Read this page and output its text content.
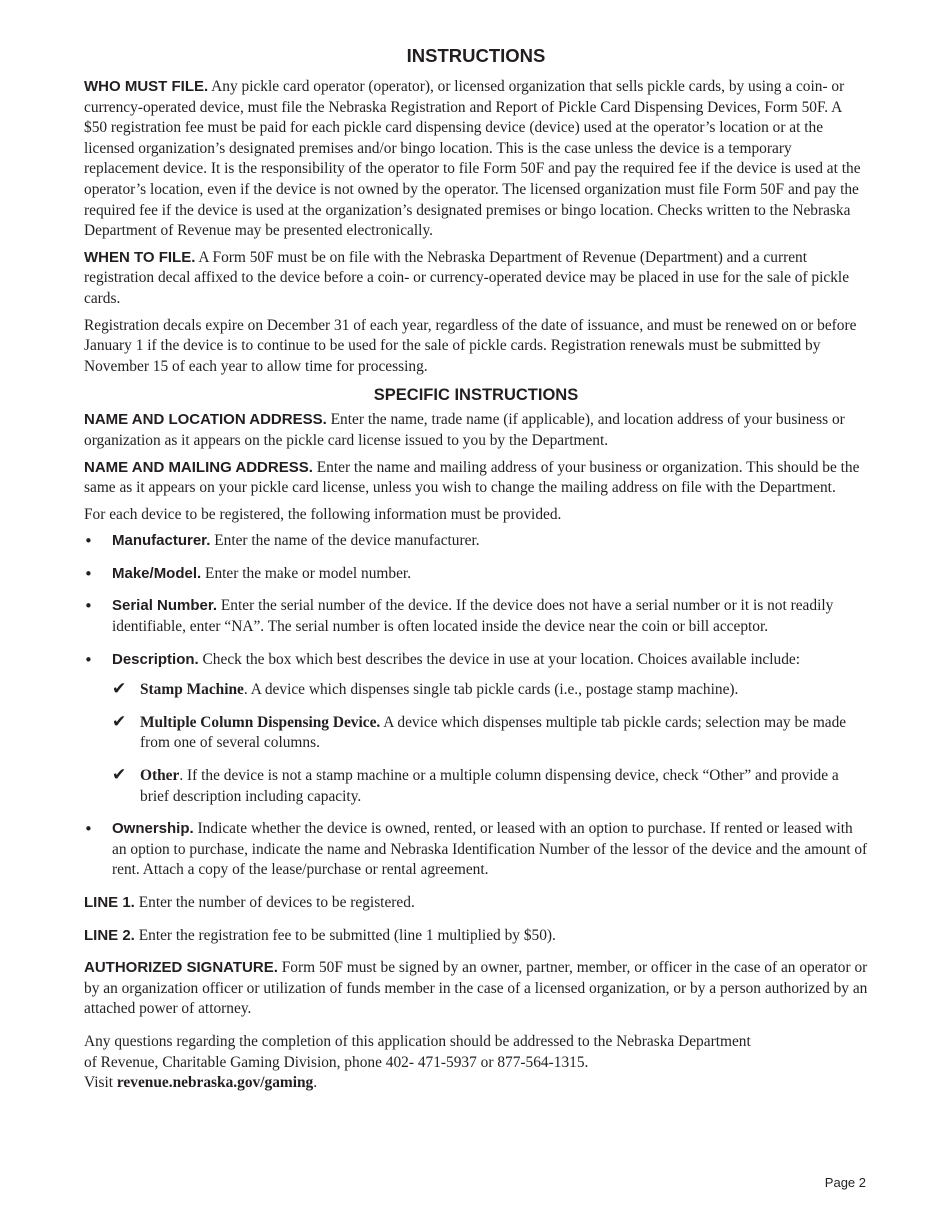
INSTRUCTIONS

WHO MUST FILE. Any pickle card operator (operator), or licensed organization that sells pickle cards, by using a coin- or currency-operated device, must file the Nebraska Registration and Report of Pickle Card Dispensing Devices, Form 50F. A $50 registration fee must be paid for each pickle card dispensing device (device) used at the operator’s location or at the licensed organization’s designated premises and/or bingo location. This is the case unless the device is a temporary replacement device. It is the responsibility of the operator to file Form 50F and pay the required fee if the device is used at the operator’s location, even if the device is not owned by the operator. The licensed organization must file Form 50F and pay the required fee if the device is used at the organization’s designated premises or bingo location. Checks written to the Nebraska Department of Revenue may be presented electronically.

WHEN TO FILE. A Form 50F must be on file with the Nebraska Department of Revenue (Department) and a current registration decal affixed to the device before a coin- or currency-operated device may be placed in use for the sale of pickle cards.

Registration decals expire on December 31 of each year, regardless of the date of issuance, and must be renewed on or before January 1 if the device is to continue to be used for the sale of pickle cards. Registration renewals must be submitted by November 15 of each year to allow time for processing.

SPECIFIC INSTRUCTIONS

NAME AND LOCATION ADDRESS. Enter the name, trade name (if applicable), and location address of your business or organization as it appears on the pickle card license issued to you by the Department.

NAME AND MAILING ADDRESS. Enter the name and mailing address of your business or organization. This should be the same as it appears on your pickle card license, unless you wish to change the mailing address on file with the Department.

For each device to be registered, the following information must be provided.

• Manufacturer. Enter the name of the device manufacturer.
• Make/Model. Enter the make or model number.
• Serial Number. Enter the serial number of the device. If the device does not have a serial number or it is not readily identifiable, enter “NA”. The serial number is often located inside the device near the coin or bill acceptor.
• Description. Check the box which best describes the device in use at your location. Choices available include:
✔ Stamp Machine. A device which dispenses single tab pickle cards (i.e., postage stamp machine).
✔ Multiple Column Dispensing Device. A device which dispenses multiple tab pickle cards; selection may be made from one of several columns.
✔ Other. If the device is not a stamp machine or a multiple column dispensing device, check “Other” and provide a brief description including capacity.
• Ownership. Indicate whether the device is owned, rented, or leased with an option to purchase. If rented or leased with an option to purchase, indicate the name and Nebraska Identification Number of the lessor of the device and the amount of rent. Attach a copy of the lease/purchase or rental agreement.

LINE 1. Enter the number of devices to be registered.

LINE 2. Enter the registration fee to be submitted (line 1 multiplied by $50).

AUTHORIZED SIGNATURE. Form 50F must be signed by an owner, partner, member, or officer in the case of an operator or by an organization officer or utilization of funds member in the case of a licensed organization, or by a person authorized by an attached power of attorney.

Any questions regarding the completion of this application should be addressed to the Nebraska Department
of Revenue, Charitable Gaming Division, phone 402- 471-5937 or 877-564-1315.
Visit revenue.nebraska.gov/gaming.

Page 2
